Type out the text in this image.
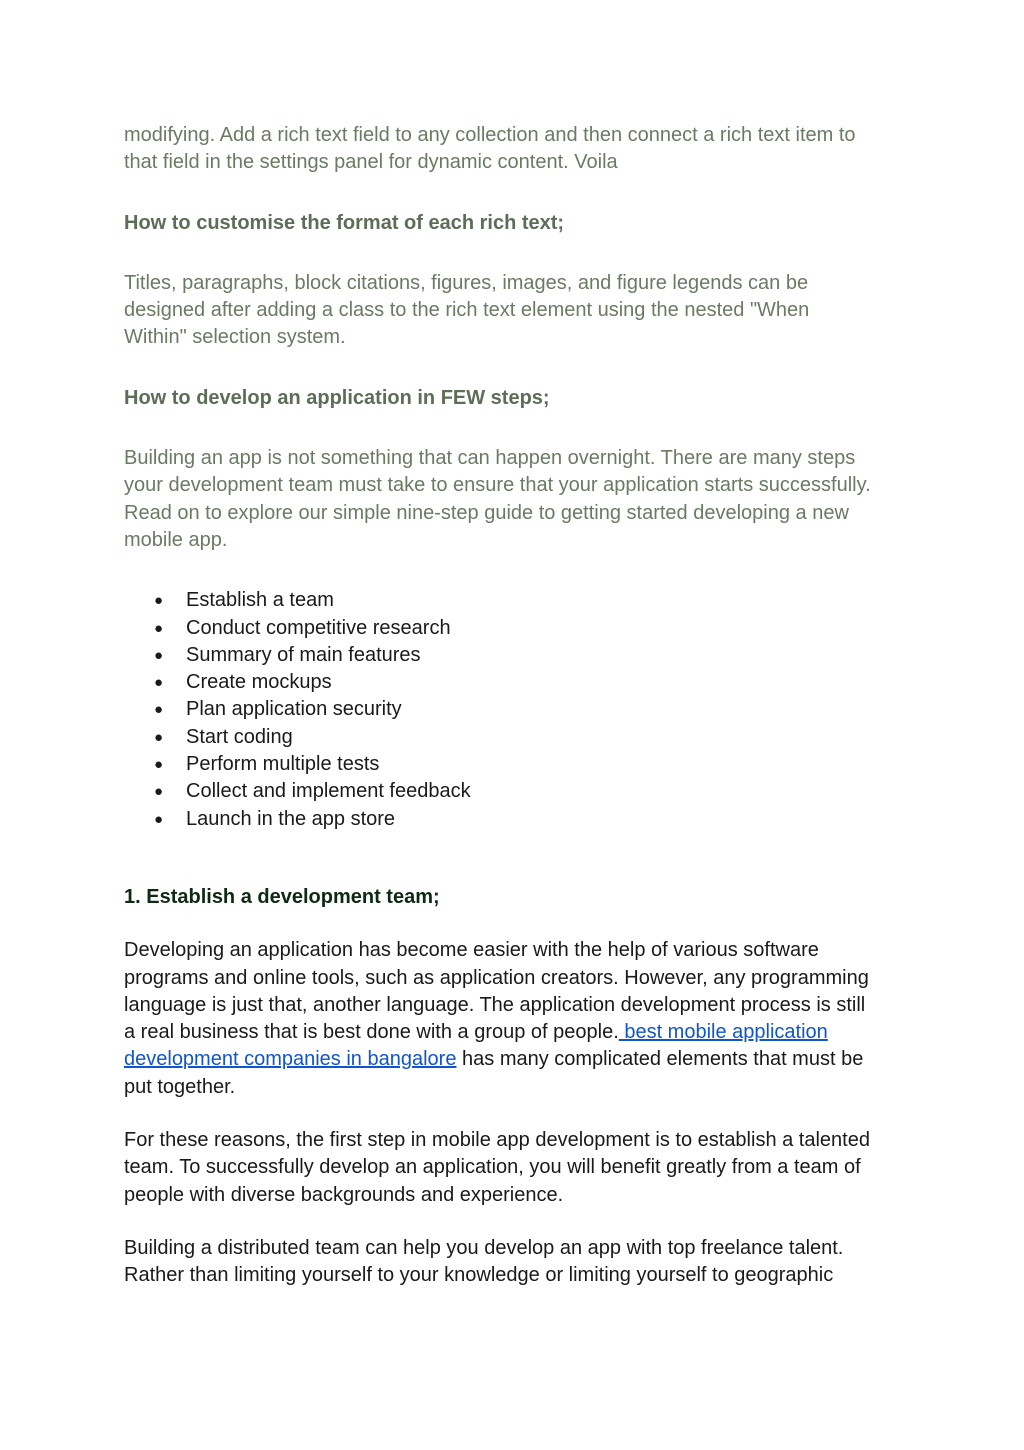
modifying. Add a rich text field to any collection and then connect a rich text item to
that field in the settings panel for dynamic content. Voila

How to customise the format of each rich text;

Titles, paragraphs, block citations, figures, images, and figure legends can be
designed after adding a class to the rich text element using the nested "When
Within" selection system.

How to develop an application in FEW steps;

Building an app is not something that can happen overnight. There are many steps
your development team must take to ensure that your application starts successfully.
Read on to explore our simple nine-step guide to getting started developing a new
mobile app.

● Establish a team
● Conduct competitive research
● Summary of main features
● Create mockups
● Plan application security
● Start coding
● Perform multiple tests
● Collect and implement feedback
● Launch in the app store

1. Establish a development team;

Developing an application has become easier with the help of various software
programs and online tools, such as application creators. However, any programming
language is just that, another language. The application development process is still
a real business that is best done with a group of people. best mobile application
development companies in bangalore has many complicated elements that must be
put together.

For these reasons, the first step in mobile app development is to establish a talented
team. To successfully develop an application, you will benefit greatly from a team of
people with diverse backgrounds and experience.

Building a distributed team can help you develop an app with top freelance talent.
Rather than limiting yourself to your knowledge or limiting yourself to geographic
